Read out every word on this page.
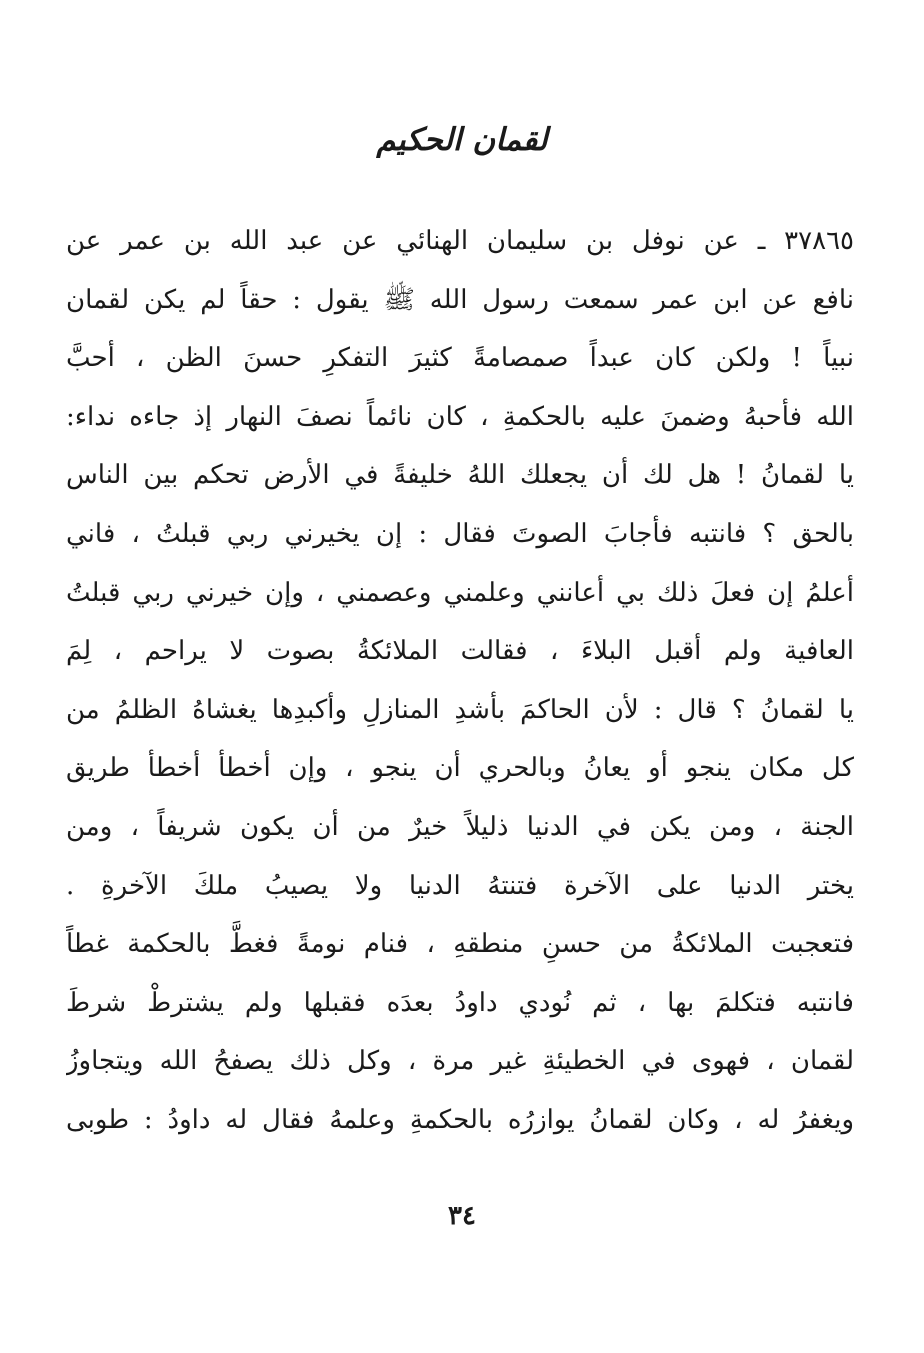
لقمان الحكيم
٣٧٨٦٥ ـ عن نوفل بن سليمان الهنائي عن عبد الله بن عمر عن
نافع عن ابن عمر سمعت رسول الله ﷺ يقول : حقاً لم يكن لقمان
نبياً ! ولكن كان عبداً صمصامةً كثيرَ التفكرِ حسنَ الظن ، أحبَّ
الله فأحبهُ وضمنَ عليه بالحكمةِ ، كان نائماً نصفَ النهار إذ جاءه نداء:
يا لقمانُ ! هل لك أن يجعلك اللهُ خليفةً في الأرض تحكم بين الناس
بالحق ؟ فانتبه فأجابَ الصوتَ فقال : إن يخيرني ربي قبلتُ ، فاني
أعلمُ إن فعلَ ذلك بي أعانني وعلمني وعصمني ، وإن خيرني ربي قبلتُ
العافية ولم أقبل البلاءَ ، فقالت الملائكةُ بصوت لا يراحم ، لِمَ
يا لقمانُ ؟ قال : لأن الحاكمَ بأشدِ المنازلِ وأكبدِها يغشاهُ الظلمُ من
كل مكان ينجو أو يعانُ وبالحري أن ينجو ، وإن أخطأ أخطأ طريق
الجنة ، ومن يكن في الدنيا ذليلاً خيرٌ من أن يكون شريفاً ، ومن
يختر الدنيا على الآخرة فتنتهُ الدنيا ولا يصيبُ ملكَ الآخرةِ .
فتعجبت الملائكةُ من حسنِ منطقهِ ، فنام نومةً فغطَّ بالحكمة غطاً
فانتبه فتكلمَ بها ، ثم نُودي داودُ بعدَه فقبلها ولم يشترطْ شرطَ
لقمان ، فهوى في الخطيئةِ غير مرة ، وكل ذلك يصفحُ الله ويتجاوزُ
ويغفرُ له ، وكان لقمانُ يوازرُه بالحكمةِ وعلمهُ فقال له داودُ : طوبى
٣٤
